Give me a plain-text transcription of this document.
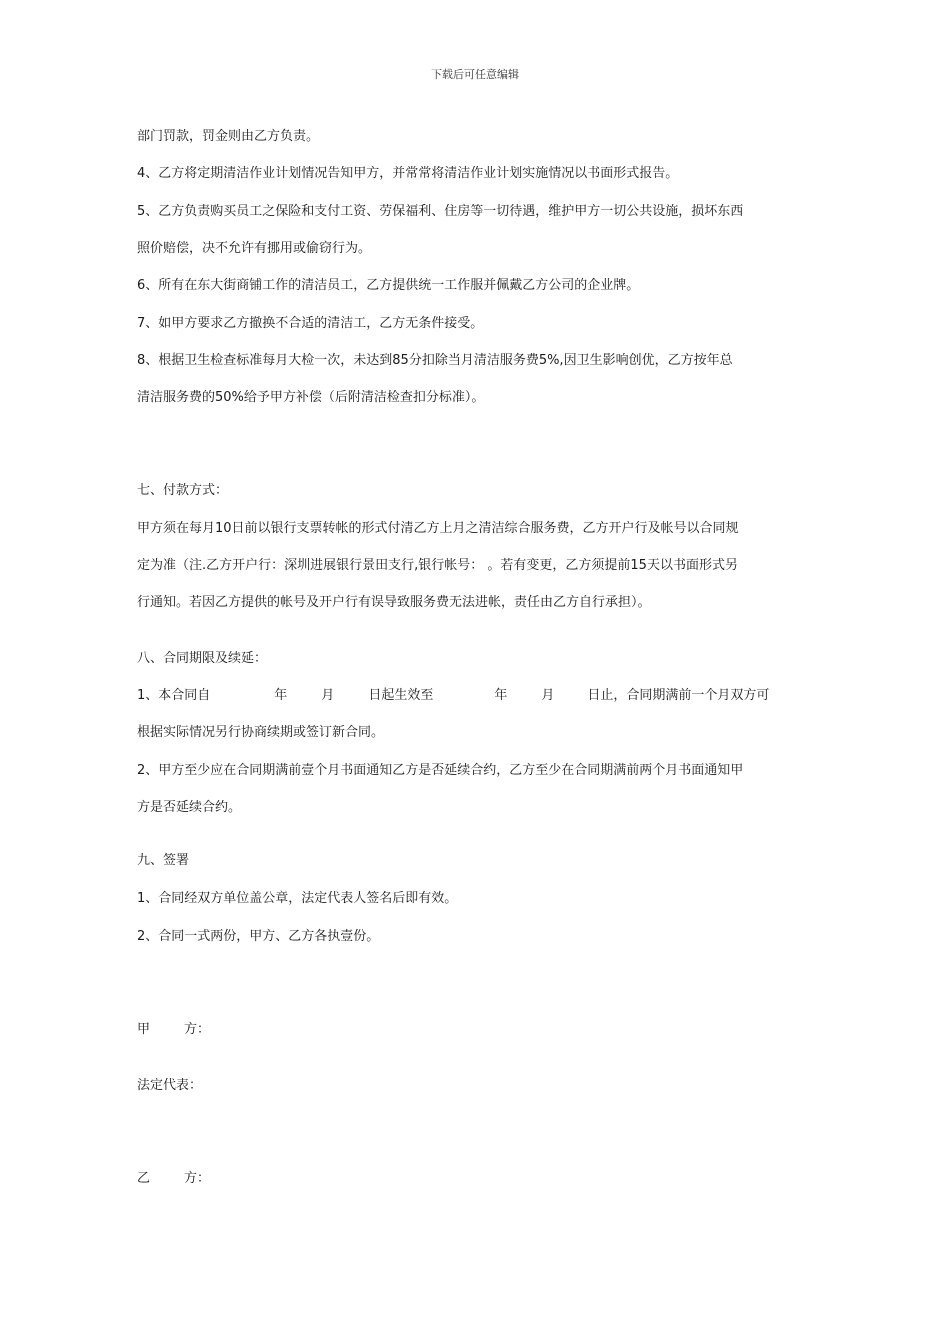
下载后可任意编辑
部门罚款，罚金则由乙方负责。
4、乙方将定期清洁作业计划情况告知甲方，并常常将清洁作业计划实施情况以书面形式报告。
5、乙方负责购买员工之保险和支付工资、劳保福利、住房等一切待遇，维护甲方一切公共设施，损坏东西
照价赔偿，决不允许有挪用或偷窃行为。
6、所有在东大街商铺工作的清洁员工，乙方提供统一工作服并佩戴乙方公司的企业牌。
7、如甲方要求乙方撤换不合适的清洁工，乙方无条件接受。
8、根据卫生检查标准每月大检一次，未达到85分扣除当月清洁服务费5%,因卫生影响创优，乙方按年总
清洁服务费的50%给予甲方补偿（后附清洁检查扣分标准）。
七、付款方式：
甲方须在每月10日前以银行支票转帐的形式付清乙方上月之清洁综合服务费，乙方开户行及帐号以合同规
定为准（注.乙方开户行：深圳进展银行景田支行,银行帐号： 。若有变更，乙方须提前15天以书面形式另
行通知。若因乙方提供的帐号及开户行有误导致服务费无法进帐，责任由乙方自行承担）。
八、合同期限及续延：
1、本合同自	年	月	日起生效至	年	月	日止，合同期满前一个月双方可
根据实际情况另行协商续期或签订新合同。
2、甲方至少应在合同期满前壹个月书面通知乙方是否延续合约，乙方至少在合同期满前两个月书面通知甲
方是否延续合约。
九、签署
1、合同经双方单位盖公章，法定代表人签名后即有效。
2、合同一式两份，甲方、乙方各执壹份。
甲	方：
法定代表：
乙	方：
